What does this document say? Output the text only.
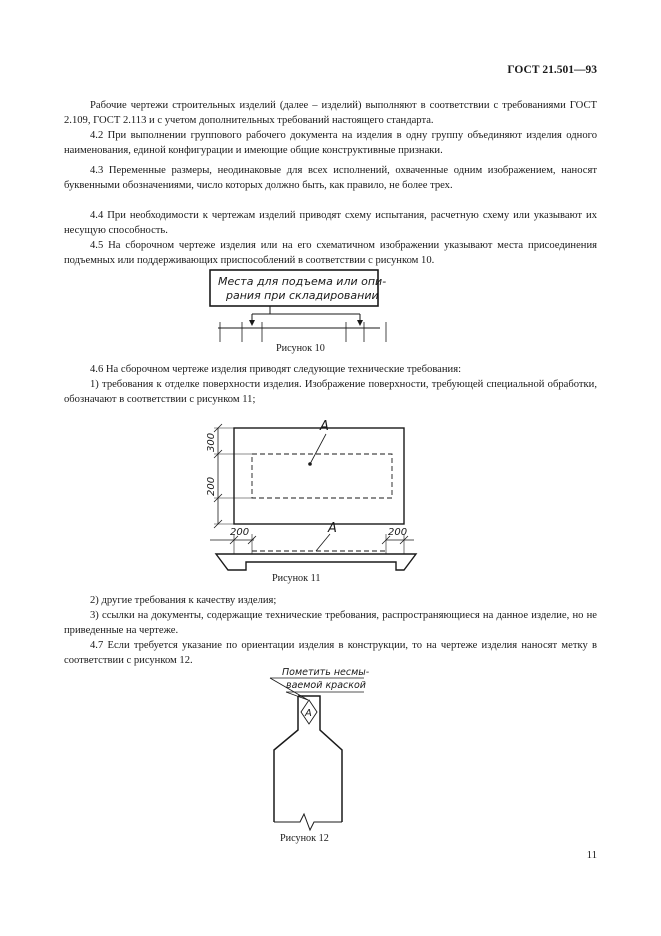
ГОСТ 21.501—93
Рабочие чертежи строительных изделий (далее – изделий) выполняют в соответствии с требованиями ГОСТ 2.109, ГОСТ 2.113 и с учетом дополнительных требований настоящего стандарта.
4.2 При выполнении группового рабочего документа на изделия в одну группу объединяют изделия одного наименования, единой конфигурации и имеющие общие конструктивные признаки.
4.3 Переменные размеры, неодинаковые для всех исполнений, охваченные одним изображением, наносят буквенными обозначениями, число которых должно быть, как правило, не более трех.
4.4 При необходимости к чертежам изделий приводят схему испытания, расчетную схему или указывают их несущую способность.
4.5 На сборочном чертеже изделия или на его схематичном изображении указывают места присоединения подъемных или поддерживающих приспособлений в соответствии с рисунком 10.
Места для подъема или опи-
рания при складировании
Рисунок 10
4.6 На сборочном чертеже изделия приводят следующие технические требования:
1) требования к отделке поверхности изделия. Изображение поверхности, требующей специальной обработки, обозначают в соответствии с рисунком 11;
А
300
200
200	200
А
Рисунок 11
2) другие требования к качеству изделия;
3) ссылки на документы, содержащие технические требования, распространяющиеся на данное изделие, но не приведенные на чертеже.
4.7 Если требуется указание по ориентации изделия в конструкции, то на чертеже изделия наносят метку в соответствии с рисунком 12.
Пометить несмы-
ваемой краской
А
Рисунок 12
11
